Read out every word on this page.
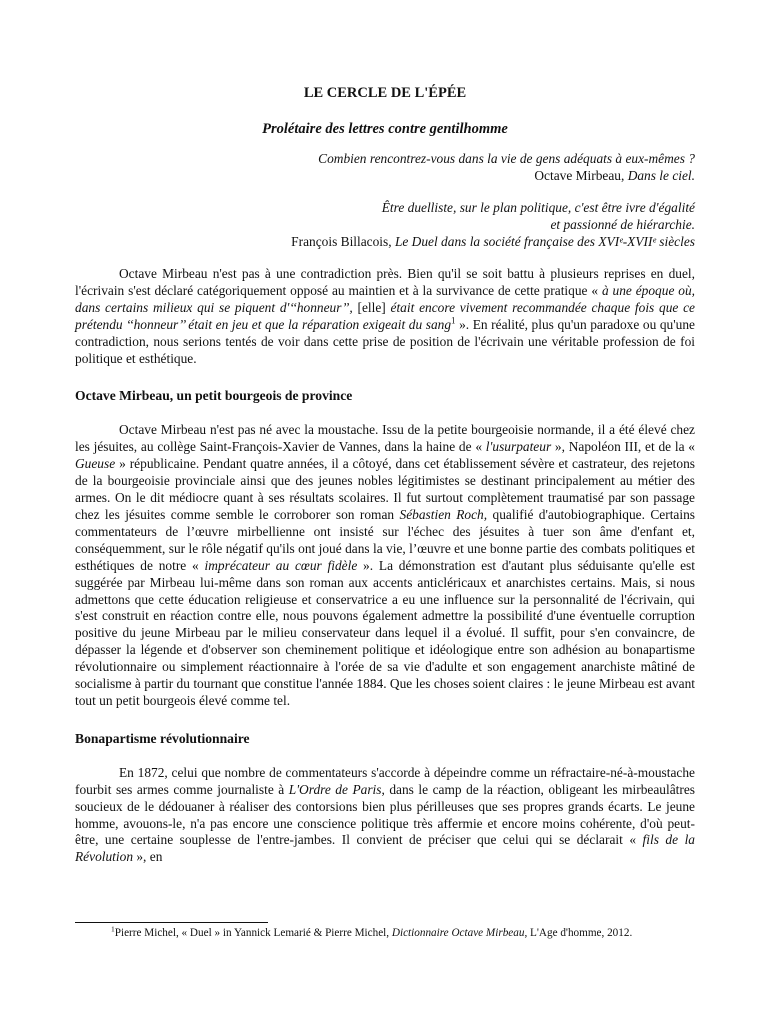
LE CERCLE DE L'ÉPÉE
Prolétaire des lettres contre gentilhomme
Combien rencontrez-vous dans la vie de gens adéquats à eux-mêmes ?
Octave Mirbeau, Dans le ciel.
Être duelliste, sur le plan politique, c'est être ivre d'égalité
et passionné de hiérarchie.
François Billacois, Le Duel dans la société française des XVIᵉ-XVIIᵉ siècles

Octave Mirbeau n'est pas à une contradiction près. Bien qu'il se soit battu à plusieurs reprises en duel, l'écrivain s'est déclaré catégoriquement opposé au maintien et à la survivance de cette pratique « à une époque où, dans certains milieux qui se piquent d'‘‘honneur’’, [elle] était encore vivement recommandée chaque fois que ce prétendu ‘‘honneur’’ était en jeu et que la réparation exigeait du sang$^1$ ». En réalité, plus qu'un paradoxe ou qu'une contradiction, nous serions tentés de voir dans cette prise de position de l'écrivain une véritable profession de foi politique et esthétique.

Octave Mirbeau, un petit bourgeois de province

Octave Mirbeau n'est pas né avec la moustache. Issu de la petite bourgeoisie normande, il a été élevé chez les jésuites, au collège Saint-François-Xavier de Vannes, dans la haine de « l'usurpateur », Napoléon III, et de la « Gueuse » républicaine. Pendant quatre années, il a côtoyé, dans cet établissement sévère et castrateur, des rejetons de la bourgeoisie provinciale ainsi que des jeunes nobles légitimistes se destinant principalement au métier des armes. On le dit médiocre quant à ses résultats scolaires. Il fut surtout complètement traumatisé par son passage chez les jésuites comme semble le corroborer son roman Sébastien Roch, qualifié d'autobiographique. Certains commentateurs de l’œuvre mirbellienne ont insisté sur l'échec des jésuites à tuer son âme d'enfant et, conséquemment, sur le rôle négatif qu'ils ont joué dans la vie, l’œuvre et une bonne partie des combats politiques et esthétiques de notre « imprécateur au cœur fidèle ». La démonstration est d'autant plus séduisante qu'elle est suggérée par Mirbeau lui-même dans son roman aux accents anticléricaux et anarchistes certains. Mais, si nous admettons que cette éducation religieuse et conservatrice a eu une influence sur la personnalité de l'écrivain, qui s'est construit en réaction contre elle, nous pouvons également admettre la possibilité d'une éventuelle corruption positive du jeune Mirbeau par le milieu conservateur dans lequel il a évolué. Il suffit, pour s'en convaincre, de dépasser la légende et d'observer son cheminement politique et idéologique entre son adhésion au bonapartisme révolutionnaire ou simplement réactionnaire à l'orée de sa vie d'adulte et son engagement anarchiste mâtiné de socialisme à partir du tournant que constitue l'année 1884. Que les choses soient claires : le jeune Mirbeau est avant tout un petit bourgeois élevé comme tel.

Bonapartisme révolutionnaire

En 1872, celui que nombre de commentateurs s'accorde à dépeindre comme un réfractaire-né-à-moustache fourbit ses armes comme journaliste à L'Ordre de Paris, dans le camp de la réaction, obligeant les mirbeaulâtres soucieux de le dédouaner à réaliser des contorsions bien plus périlleuses que ses propres grands écarts. Le jeune homme, avouons-le, n'a pas encore une conscience politique très affermie et encore moins cohérente, d'où peut-être, une certaine souplesse de l'entre-jambes. Il convient de préciser que celui qui se déclarait « fils de la Révolution », en

$^1$Pierre Michel, « Duel » in Yannick Lemarié & Pierre Michel, Dictionnaire Octave Mirbeau, L'Age d'homme, 2012.
